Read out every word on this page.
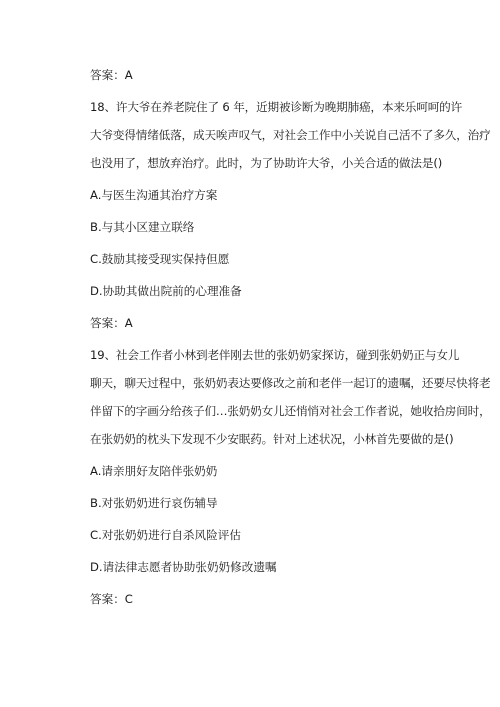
答案：A
18、许大爷在养老院住了 6 年，近期被诊断为晚期肺癌，本来乐呵呵的许
大爷变得情绪低落，成天唉声叹气，对社会工作中小关说自己活不了多久，治疗
也没用了，想放弃治疗。此时，为了协助许大爷，小关合适的做法是()
A.与医生沟通其治疗方案
B.与其小区建立联络
C.鼓励其接受现实保持但愿
D.协助其做出院前的心理准备
答案：A
19、社会工作者小林到老伴刚去世的张奶奶家探访，碰到张奶奶正与女儿
聊天，聊天过程中，张奶奶表达要修改之前和老伴一起订的遗嘱，还要尽快将老
伴留下的字画分给孩子们…张奶奶女儿还悄悄对社会工作者说，她收拾房间时，
在张奶奶的枕头下发现不少安眠药。针对上述状况，小林首先要做的是()
A.请亲朋好友陪伴张奶奶
B.对张奶奶进行哀伤辅导
C.对张奶奶进行自杀风险评估
D.请法律志愿者协助张奶奶修改遗嘱
答案：C
